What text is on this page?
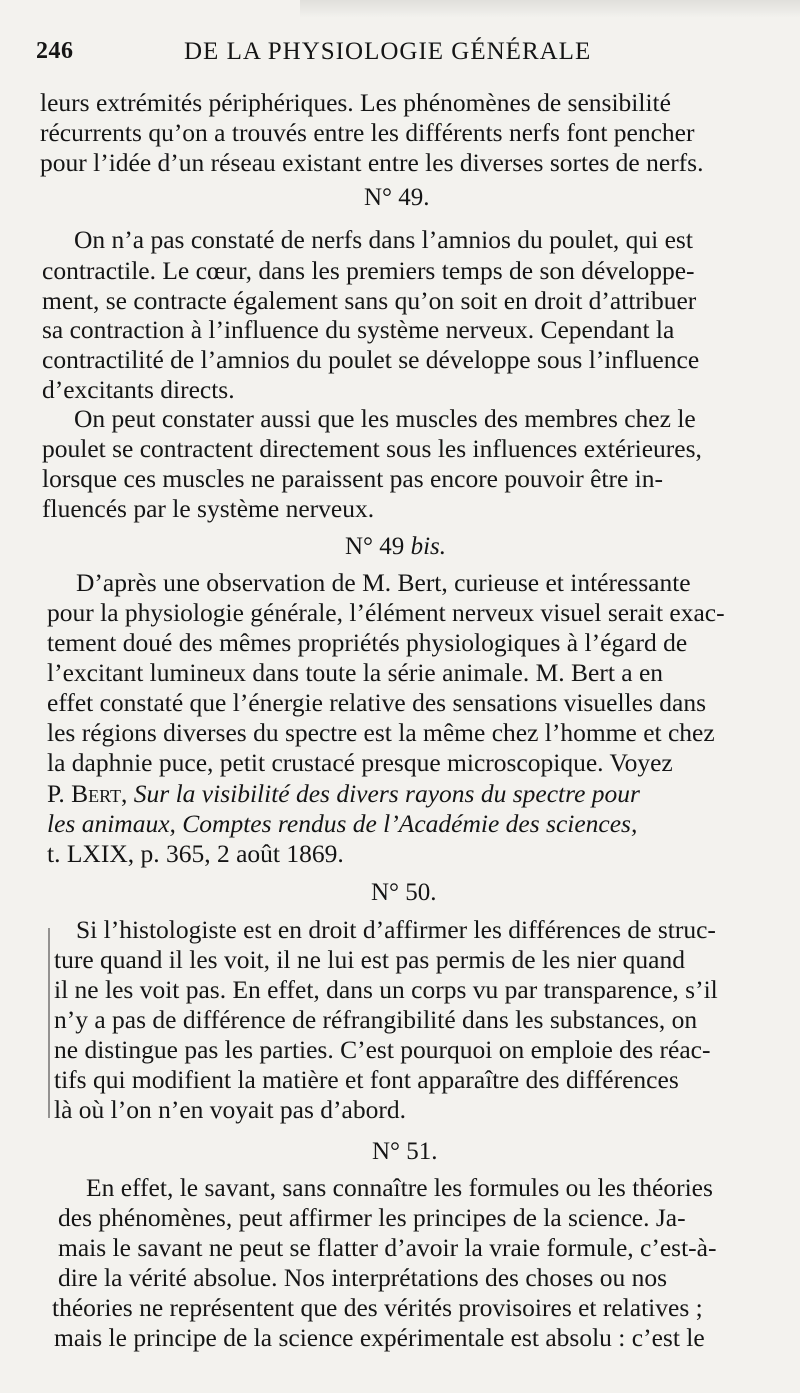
246	DE LA PHYSIOLOGIE GÉNÉRALE
leurs extrémités périphériques. Les phénomènes de sensibilité
récurrents qu’on a trouvés entre les différents nerfs font pencher
pour l’idée d’un réseau existant entre les diverses sortes de nerfs.
N° 49.
On n’a pas constaté de nerfs dans l’amnios du poulet, qui est
contractile. Le cœur, dans les premiers temps de son développe-
ment, se contracte également sans qu’on soit en droit d’attribuer
sa contraction à l’influence du système nerveux. Cependant la
contractilité de l’amnios du poulet se développe sous l’influence
d’excitants directs.
On peut constater aussi que les muscles des membres chez le
poulet se contractent directement sous les influences extérieures,
lorsque ces muscles ne paraissent pas encore pouvoir être in-
fluencés par le système nerveux.
N° 49 bis.
D’après une observation de M. Bert, curieuse et intéressante
pour la physiologie générale, l’élément nerveux visuel serait exac-
tement doué des mêmes propriétés physiologiques à l’égard de
l’excitant lumineux dans toute la série animale. M. Bert a en
effet constaté que l’énergie relative des sensations visuelles dans
les régions diverses du spectre est la même chez l’homme et chez
la daphnie puce, petit crustacé presque microscopique. Voyez
P. Bert, Sur la visibilité des divers rayons du spectre pour
les animaux, Comptes rendus de l’Académie des sciences,
t. LXIX, p. 365, 2 août 1869.
N° 50.
Si l’histologiste est en droit d’affirmer les différences de struc-
ture quand il les voit, il ne lui est pas permis de les nier quand
il ne les voit pas. En effet, dans un corps vu par transparence, s’il
n’y a pas de différence de réfrangibilité dans les substances, on
ne distingue pas les parties. C’est pourquoi on emploie des réac-
tifs qui modifient la matière et font apparaître des différences
là où l’on n’en voyait pas d’abord.
N° 51.
En effet, le savant, sans connaître les formules ou les théories
des phénomènes, peut affirmer les principes de la science. Ja-
mais le savant ne peut se flatter d’avoir la vraie formule, c’est-à-
dire la vérité absolue. Nos interprétations des choses ou nos
théories ne représentent que des vérités provisoires et relatives ;
mais le principe de la science expérimentale est absolu : c’est le
